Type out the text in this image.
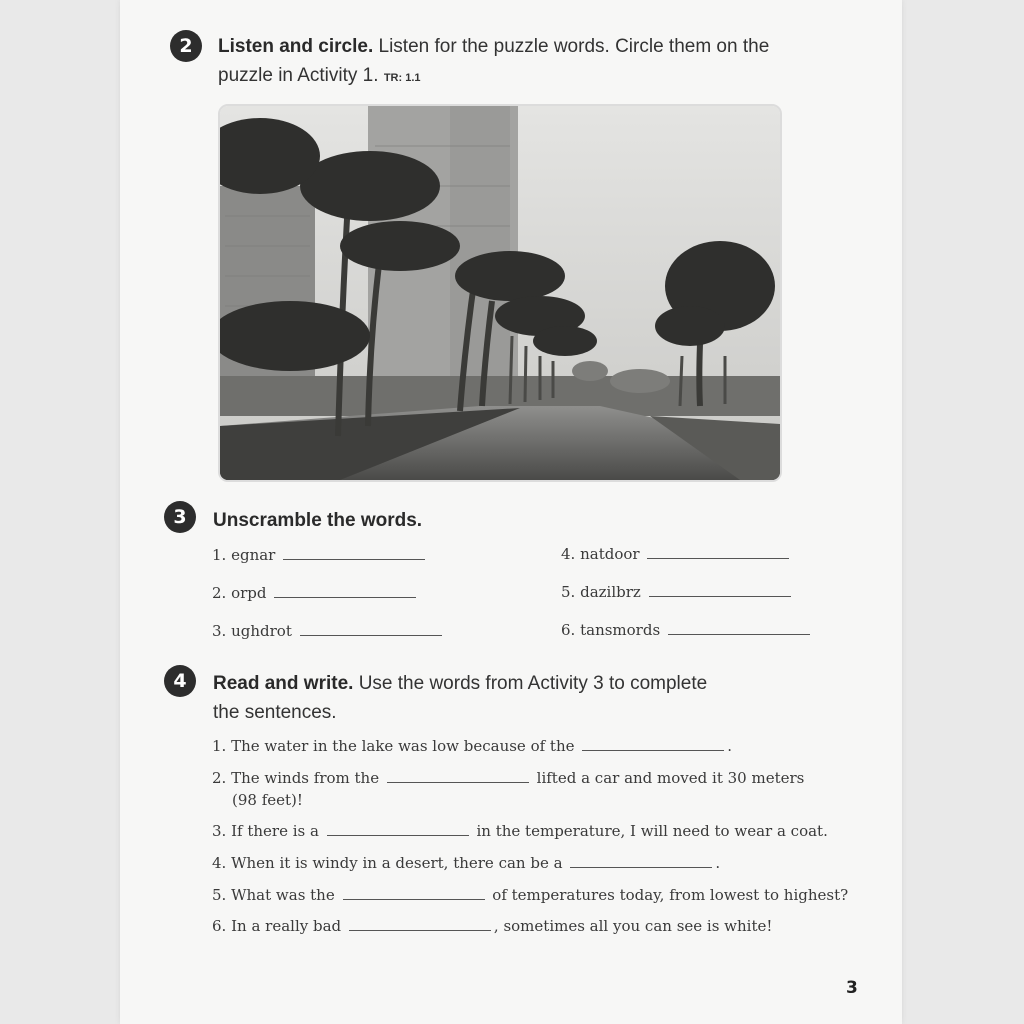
2 Listen and circle. Listen for the puzzle words. Circle them on the
puzzle in Activity 1. TR: 1.1
3 Unscramble the words.
1. egnar
2. orpd
3. ughdrot
4. natdoor
5. dazilbrz
6. tansmords
4 Read and write. Use the words from Activity 3 to complete
the sentences.
1. The water in the lake was low because of the	.
2. The winds from the	lifted a car and moved it 30 meters
(98 feet)!
3. If there is a	in the temperature, I will need to wear a coat.
4. When it is windy in a desert, there can be a	.
5. What was the	of temperatures today, from lowest to highest?
6. In a really bad	, sometimes all you can see is white!
3
